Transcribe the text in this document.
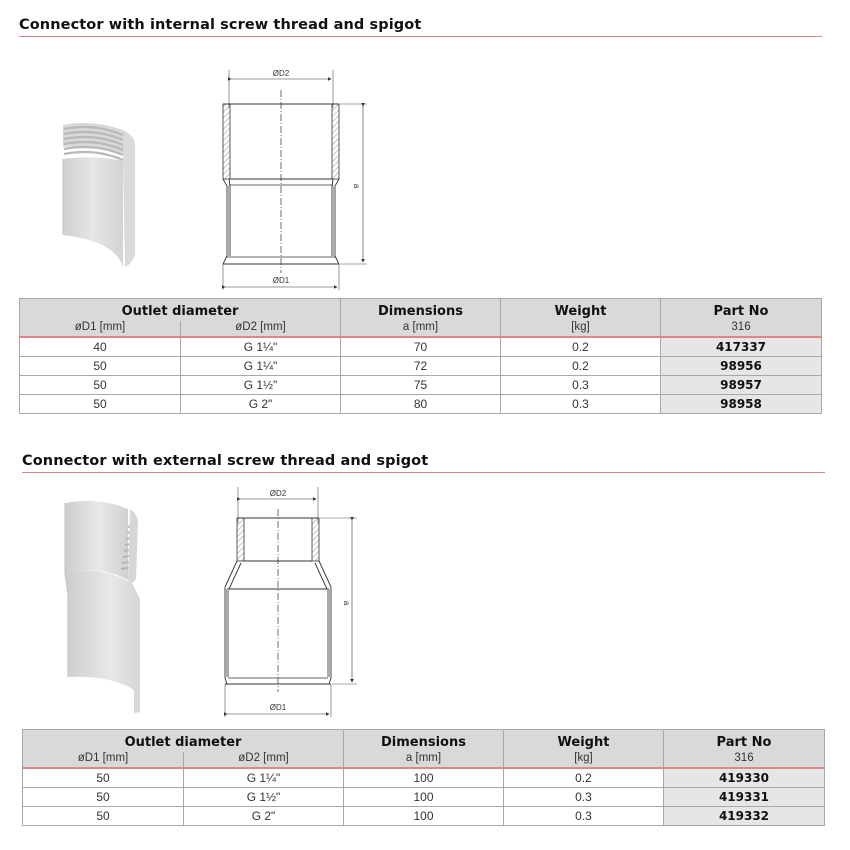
Connector with internal screw thread and spigot
ØD2
a
ØD1
Outlet diameter		Dimensions	Weight	Part No
øD1 [mm]	øD2 [mm]	a [mm]	[kg]	316
40	G 1¼"	70	0.2	417337
50	G 1¼"	72	0.2	98956
50	G 1½"	75	0.3	98957
50	G 2"	80	0.3	98958
Connector with external screw thread and spigot
ØD2
a
ØD1
Outlet diameter		Dimensions	Weight	Part No
øD1 [mm]	øD2 [mm]	a [mm]	[kg]	316
50	G 1¼"	100	0.2	419330
50	G 1½"	100	0.3	419331
50	G 2"	100	0.3	419332
